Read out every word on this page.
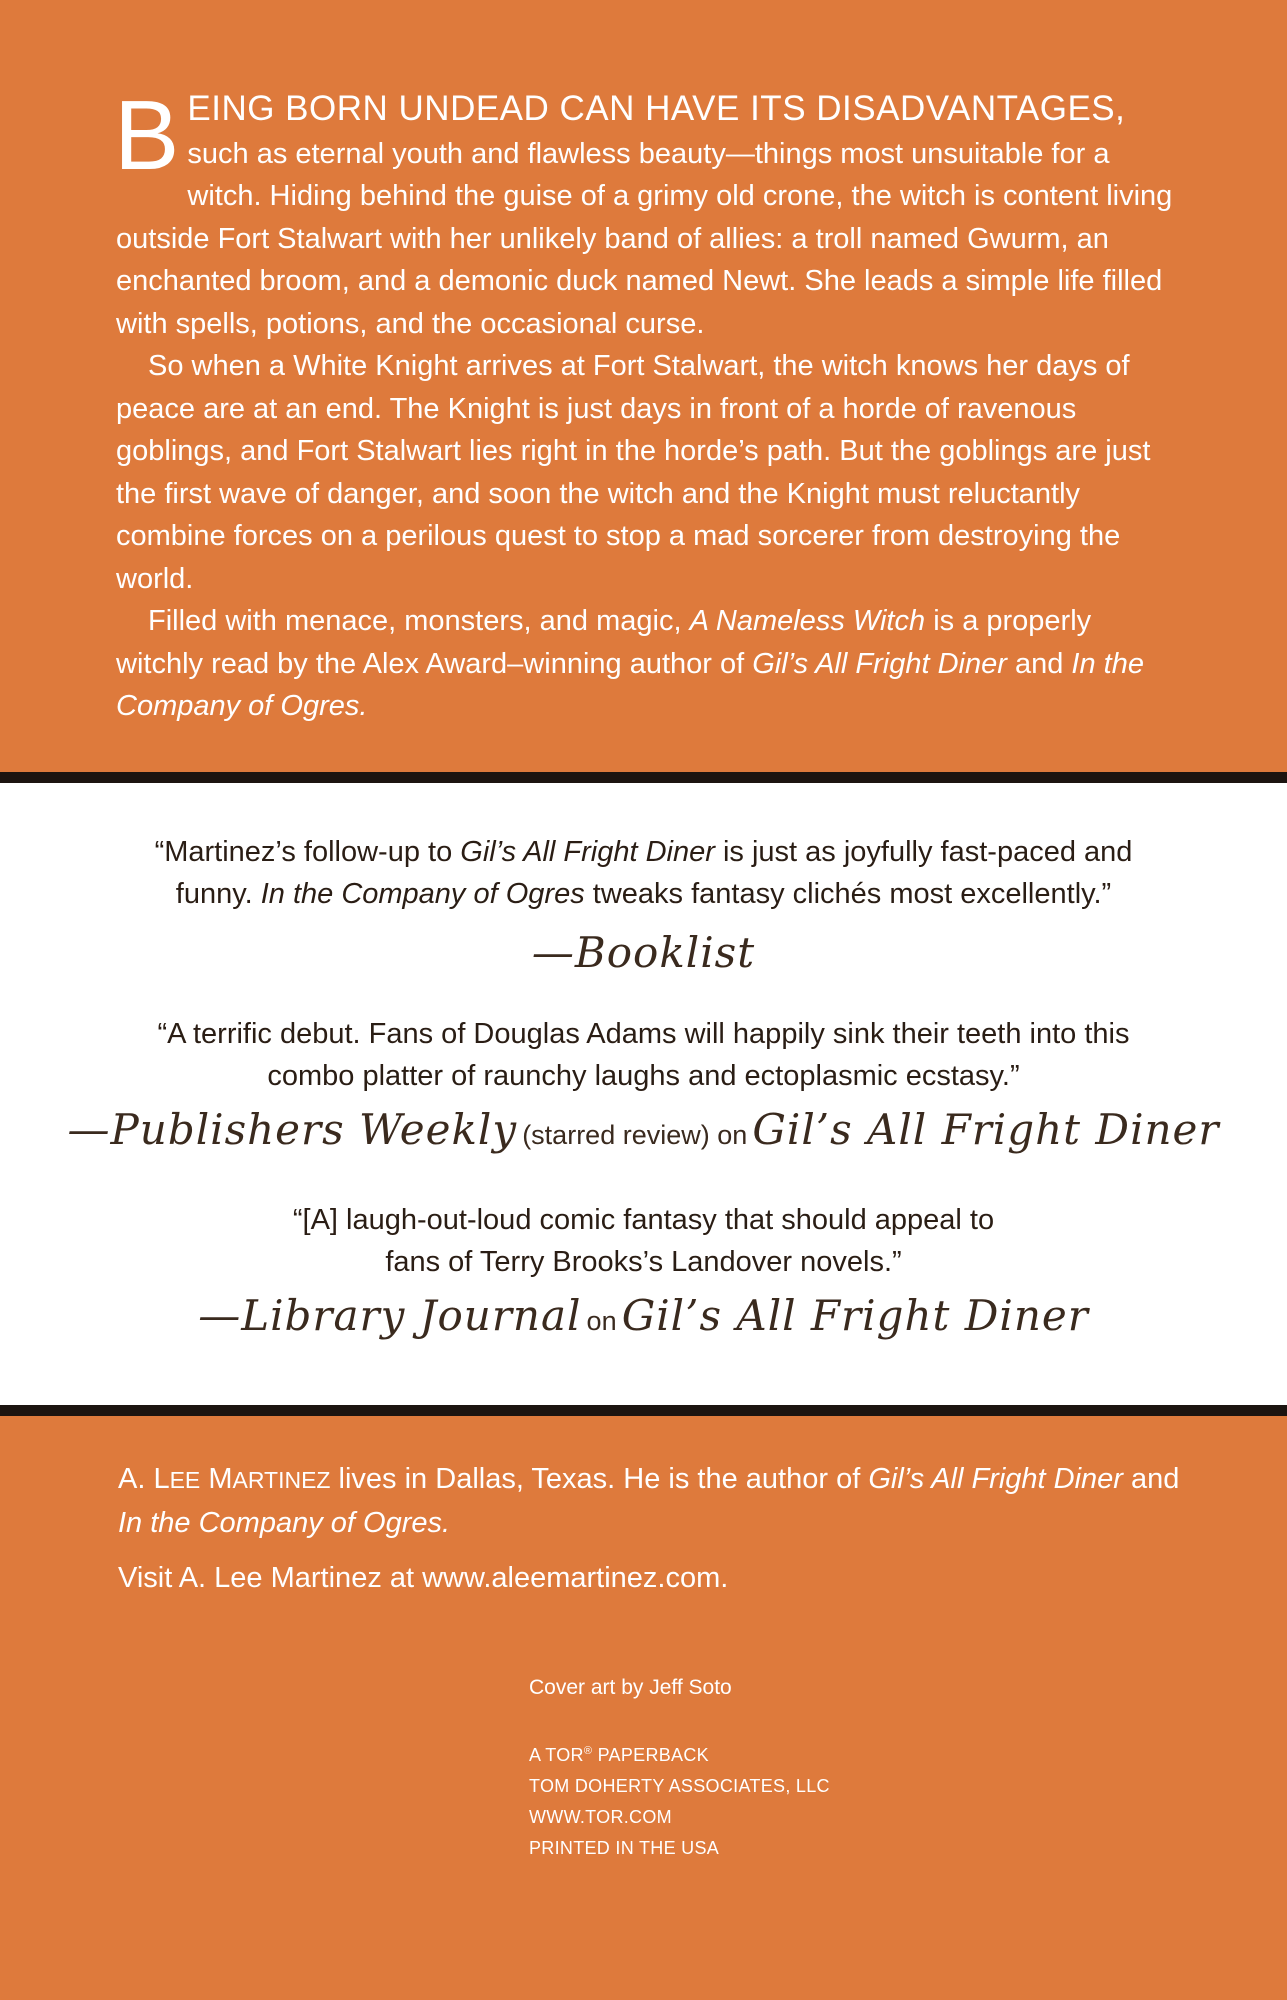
B EING BORN UNDEAD CAN HAVE ITS DISADVANTAGES, such as eternal youth and flawless beauty—things most unsuitable for a witch. Hiding behind the guise of a grimy old crone, the witch is content living outside Fort Stalwart with her unlikely band of allies: a troll named Gwurm, an enchanted broom, and a demonic duck named Newt. She leads a simple life filled with spells, potions, and the occasional curse.

So when a White Knight arrives at Fort Stalwart, the witch knows her days of peace are at an end. The Knight is just days in front of a horde of ravenous goblings, and Fort Stalwart lies right in the horde’s path. But the goblings are just the first wave of danger, and soon the witch and the Knight must reluctantly combine forces on a perilous quest to stop a mad sorcerer from destroying the world.

Filled with menace, monsters, and magic, A Nameless Witch is a properly witchly read by the Alex Award–winning author of Gil’s All Fright Diner and In the Company of Ogres.

“Martinez’s follow-up to Gil’s All Fright Diner is just as joyfully fast-paced and
funny. In the Company of Ogres tweaks fantasy clichés most excellently.”
—Booklist
“A terrific debut. Fans of Douglas Adams will happily sink their teeth into this
combo platter of raunchy laughs and ectoplasmic ecstasy.”
—Publishers Weekly (starred review) on Gil’s All Fright Diner
“[A] laugh-out-loud comic fantasy that should appeal to
fans of Terry Brooks’s Landover novels.”
—Library Journal on Gil’s All Fright Diner

A. LEE MARTINEZ lives in Dallas, Texas. He is the author of Gil’s All Fright Diner and In the Company of Ogres.

Visit A. Lee Martinez at www.aleemartinez.com.

Cover art by Jeff Soto
A TOR® PAPERBACK
TOM DOHERTY ASSOCIATES, LLC
WWW.TOR.COM
PRINTED IN THE USA
